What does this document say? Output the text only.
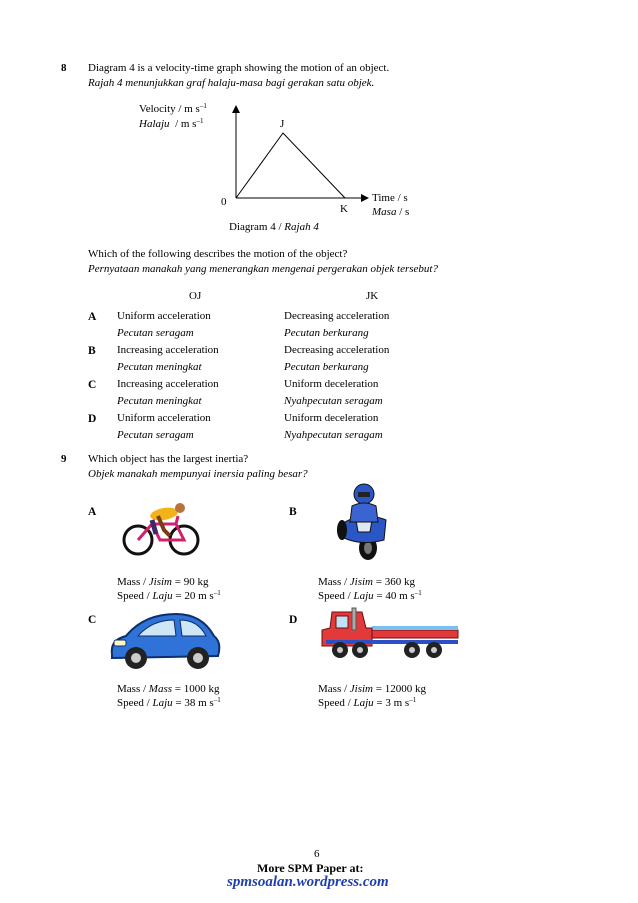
8 Diagram 4 is a velocity-time graph showing the motion of an object.
Rajah 4 menunjukkan graf halaju-masa bagi gerakan satu objek.
Velocity / m $s^{-1}$
Halaju / m $s^{-1}$	J
0
K
Time / s
Masa / s
Diagram 4 / Rajah 4
Which of the following describes the motion of the object?
Pernyataan manakah yang menerangkan mengenai pergerakan objek tersebut?
OJ	JK
A Uniform acceleration
Pecutan seragam
Decreasing acceleration
Pecutan berkurang
B Increasing acceleration
Pecutan meningkat
Decreasing acceleration
Pecutan berkurang
C Increasing acceleration
Pecutan meningkat
Uniform deceleration
Nyahpecutan seragam
D Uniform acceleration
Pecutan seragam
Uniform deceleration
Nyahpecutan seragam
9 Which object has the largest inertia?
Objek manakah mempunyai inersia paling besar?
A
Mass / Jisim = 90 kg
Speed / Laju = 20 m $s^{-1}$
B
Mass / Jisim = 360 kg
Speed / Laju = 40 m $s^{-1}$
C
Mass / Mass = 1000 kg
Speed / Laju = 38 m $s^{-1}$
D
Mass / Jisim = 12000 kg
Speed / Laju = 3 m $s^{-1}$
6
More SPM Paper at:
spmsoalan.wordpress.com
